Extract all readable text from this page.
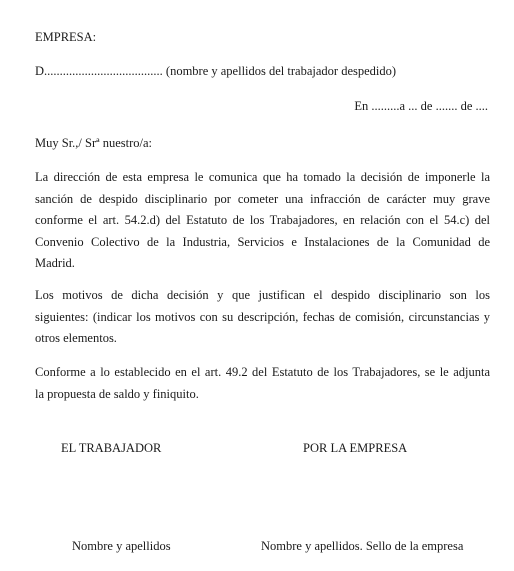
EMPRESA:
D...................................... (nombre y apellidos del trabajador despedido)
En .........a ... de ....... de ....
Muy Sr.,/ Srª nuestro/a:
La dirección de esta empresa le comunica que ha tomado la decisión de imponerle la
sanción de despido disciplinario por cometer una infracción de carácter muy grave
conforme el art. 54.2.d) del Estatuto de los Trabajadores, en relación con el 54.c) del
Convenio Colectivo de la Industria, Servicios e Instalaciones de la Comunidad de
Madrid.
Los motivos de dicha decisión y que justifican el despido disciplinario son los
siguientes: (indicar los motivos con su descripción, fechas de comisión, circunstancias y
otros elementos.
Conforme a lo establecido en el art. 49.2 del Estatuto de los Trabajadores, se le adjunta
la propuesta de saldo y finiquito.
EL TRABAJADOR	POR LA EMPRESA
Nombre y apellidos	Nombre y apellidos. Sello de la empresa
